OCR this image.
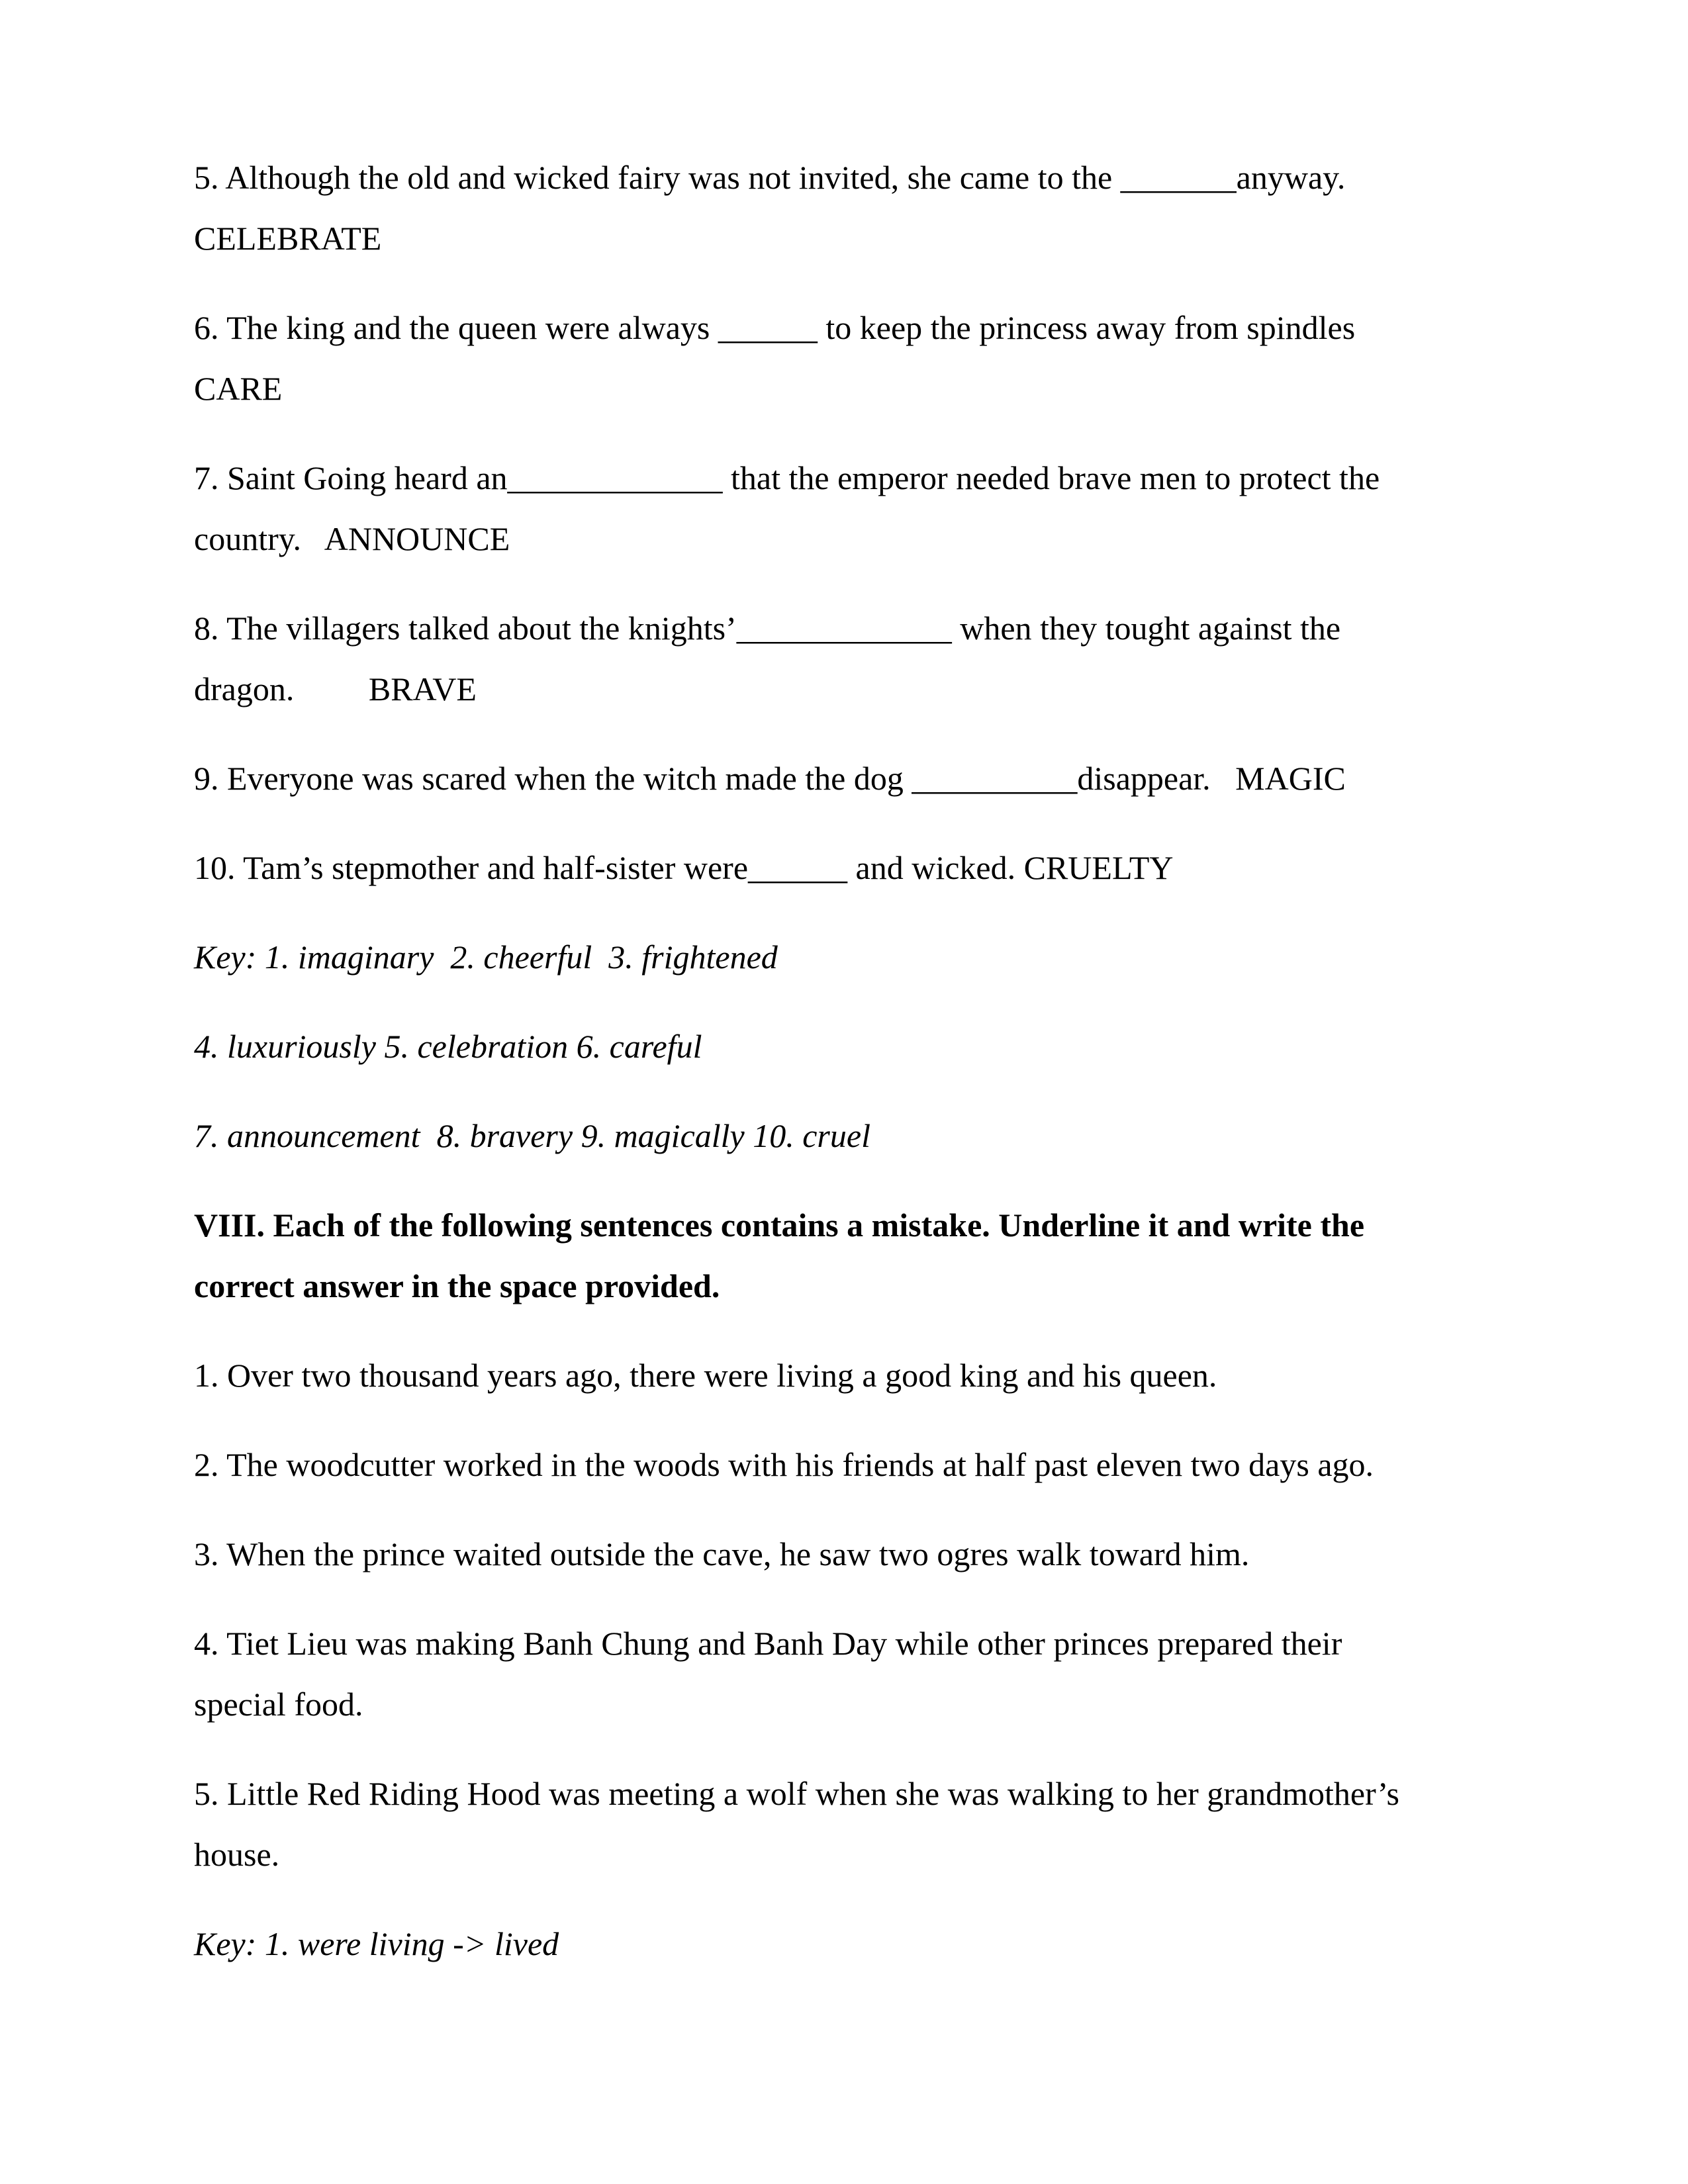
5. Although the old and wicked fairy was not invited, she came to the _______anyway.

CELEBRATE

6. The king and the queen were always ______ to keep the princess away from spindles

CARE

7. Saint Going heard an_____________ that the emperor needed brave men to protect the

country.   ANNOUNCE

8. The villagers talked about the knights’_____________ when they tought against the

dragon.         BRAVE

9. Everyone was scared when the witch made the dog __________disappear.   MAGIC

10. Tam’s stepmother and half-sister were______ and wicked. CRUELTY

Key: 1. imaginary  2. cheerful  3. frightened

4. luxuriously 5. celebration 6. careful

7. announcement  8. bravery 9. magically 10. cruel

VIII. Each of the following sentences contains a mistake. Underline it and write the

correct answer in the space provided.

1. Over two thousand years ago, there were living a good king and his queen.

2. The woodcutter worked in the woods with his friends at half past eleven two days ago.

3. When the prince waited outside the cave, he saw two ogres walk toward him.

4. Tiet Lieu was making Banh Chung and Banh Day while other princes prepared their

special food.

5. Little Red Riding Hood was meeting a wolf when she was walking to her grandmother’s

house.

Key: 1. were living -> lived
